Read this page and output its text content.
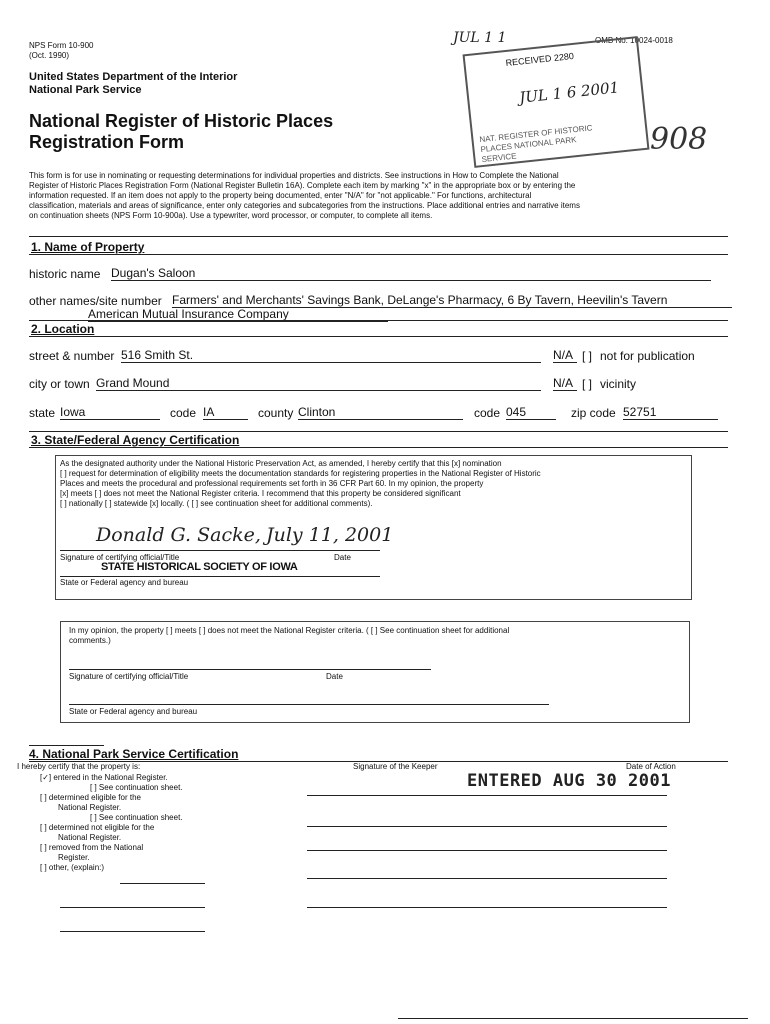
NPS Form 10-900
(Oct. 1990)
United States Department of the Interior
National Park Service
National Register of Historic Places
Registration Form
JUL 1 1	OMB No. 10024-0018
RECEIVED 2280
JUL 1 6 2001
NAT. REGISTER OF HISTORIC PLACES NATIONAL PARK SERVICE
908
This form is for use in nominating or requesting determinations for individual properties and districts. See instructions in How to Complete the National
Register of Historic Places Registration Form (National Register Bulletin 16A). Complete each item by marking "x" in the appropriate box or by entering the
information requested. If an item does not apply to the property being documented, enter "N/A" for "not applicable." For functions, architectural
classification, materials and areas of significance, enter only categories and subcategories from the instructions. Place additional entries and narrative items
on continuation sheets (NPS Form 10-900a). Use a typewriter, word processor, or computer, to complete all items.
1. Name of Property
historic name Dugan's Saloon
other names/site number Farmers' and Merchants' Savings Bank, DeLange's Pharmacy, 6 By Tavern, Heevilin's Tavern
American Mutual Insurance Company
2. Location
street & number 516 Smith St.	N/A [ ] not for publication
city or town Grand Mound	N/A [ ] vicinity
state Iowa	code IA	county Clinton	code 045	zip code 52751
3. State/Federal Agency Certification
As the designated authority under the National Historic Preservation Act, as amended, I hereby certify that this [x] nomination
[ ] request for determination of eligibility meets the documentation standards for registering properties in the National Register of Historic
Places and meets the procedural and professional requirements set forth in 36 CFR Part 60. In my opinion, the property
[x] meets [ ] does not meet the National Register criteria. I recommend that this property be considered significant
[ ] nationally [ ] statewide [x] locally. ( [ ] see continuation sheet for additional comments).
Donald G. Sacke, July 11, 2001
Signature of certifying official/Title	Date
STATE HISTORICAL SOCIETY OF IOWA
State or Federal agency and bureau
In my opinion, the property [ ] meets [ ] does not meet the National Register criteria. ( [ ] See continuation sheet for additional
comments.)
Signature of certifying official/Title	Date
State or Federal agency and bureau
4. National Park Service Certification
I hereby certify that the property is:	Signature of the Keeper	Date of Action
ENTERED AUG 30 2001
[✓] entered in the National Register.
[ ] See continuation sheet.
[ ] determined eligible for the
National Register.
[ ] See continuation sheet.
[ ] determined not eligible for the
National Register.
[ ] removed from the National
Register.
[ ] other, (explain:)
